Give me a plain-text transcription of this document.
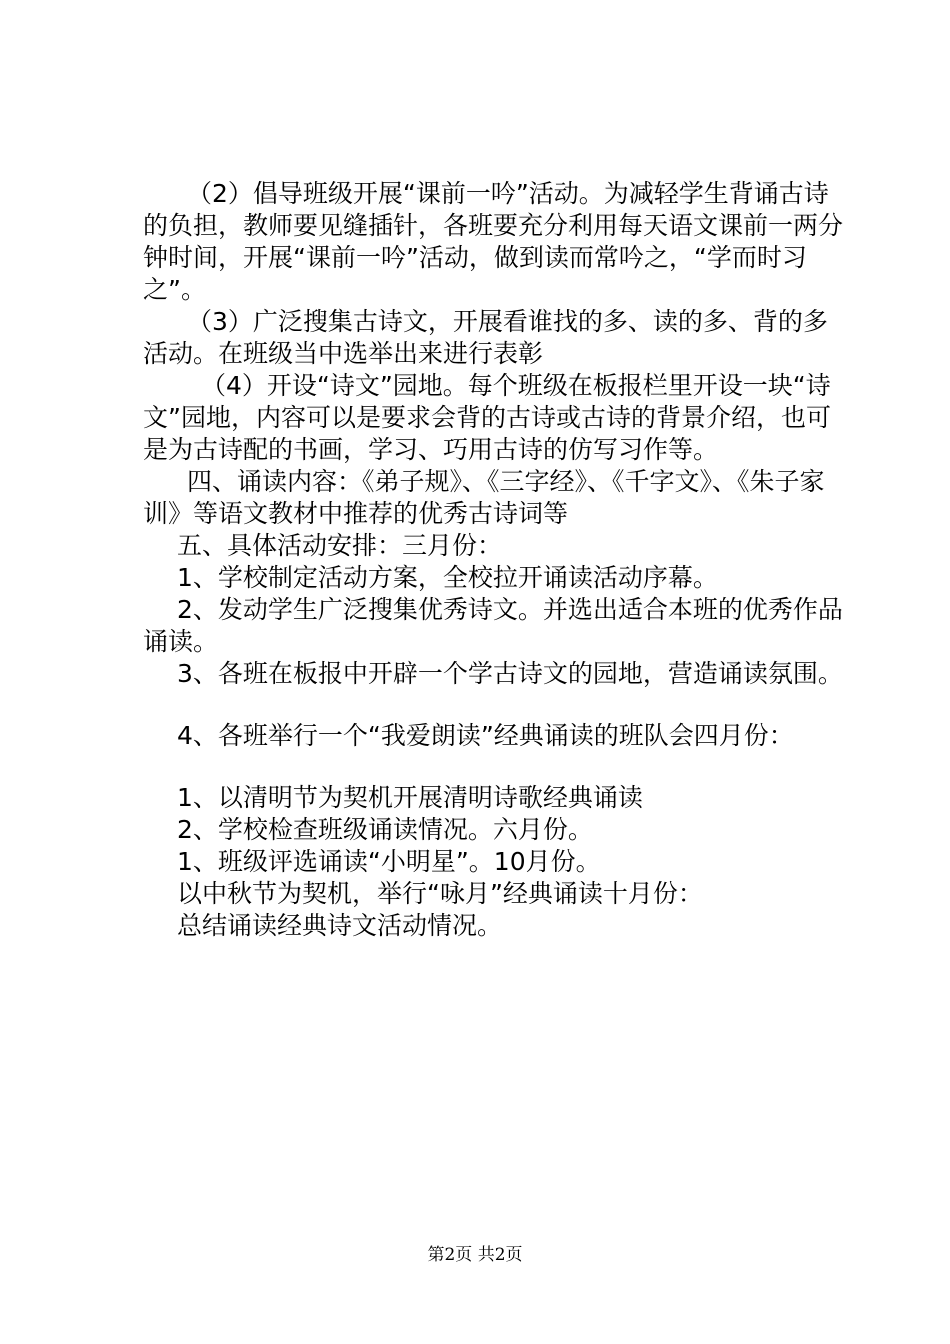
（2）倡导班级开展“课前一吟”活动。为减轻学生背诵古诗的负担，教师要见缝插针，各班要充分利用每天语文课前一两分钟时间，开展“课前一吟”活动，做到读而常吟之，“学而时习之”。

（3）广泛搜集古诗文，开展看谁找的多、读的多、背的多活动。在班级当中选举出来进行表彰

（4）开设“诗文”园地。每个班级在板报栏里开设一块“诗文”园地，内容可以是要求会背的古诗或古诗的背景介绍，也可是为古诗配的书画，学习、巧用古诗的仿写习作等。

四、诵读内容：《弟子规》、《三字经》、《千字文》、《朱子家训》等语文教材中推荐的优秀古诗词等

五、具体活动安排：三月份：

1、学校制定活动方案，全校拉开诵读活动序幕。

2、发动学生广泛搜集优秀诗文。并选出适合本班的优秀作品诵读。

3、各班在板报中开辟一个学古诗文的园地，营造诵读氛围。

4、各班举行一个“我爱朗读”经典诵读的班队会四月份：

1、以清明节为契机开展清明诗歌经典诵读

2、学校检查班级诵读情况。六月份。

1、班级评选诵读“小明星”。10月份。

以中秋节为契机，举行“咏月”经典诵读十月份：

总结诵读经典诗文活动情况。

第2页 共2页
